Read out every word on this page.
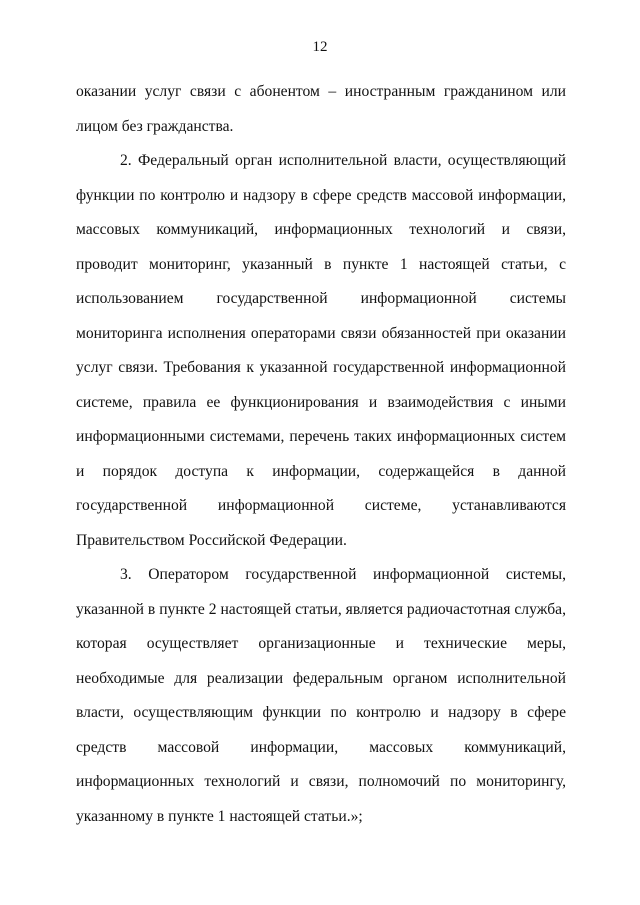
12

оказании услуг связи с абонентом – иностранным гражданином или лицом без гражданства.

2. Федеральный орган исполнительной власти, осуществляющий функции по контролю и надзору в сфере средств массовой информации, массовых коммуникаций, информационных технологий и связи, проводит мониторинг, указанный в пункте 1 настоящей статьи, с использованием государственной информационной системы мониторинга исполнения операторами связи обязанностей при оказании услуг связи. Требования к указанной государственной информационной системе, правила ее функционирования и взаимодействия с иными информационными системами, перечень таких информационных систем и порядок доступа к информации, содержащейся в данной государственной информационной системе, устанавливаются Правительством Российской Федерации.

3. Оператором государственной информационной системы, указанной в пункте 2 настоящей статьи, является радиочастотная служба, которая осуществляет организационные и технические меры, необходимые для реализации федеральным органом исполнительной власти, осуществляющим функции по контролю и надзору в сфере средств массовой информации, массовых коммуникаций, информационных технологий и связи, полномочий по мониторингу, указанному в пункте 1 настоящей статьи.»;
